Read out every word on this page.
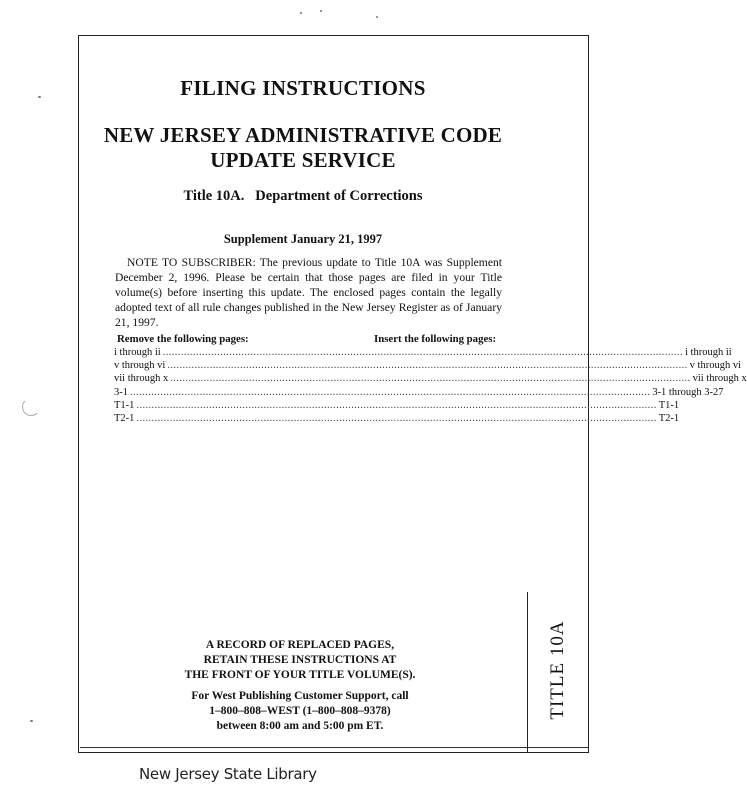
FILING INSTRUCTIONS
NEW JERSEY ADMINISTRATIVE CODE
UPDATE SERVICE
Title 10A.   Department of Corrections
Supplement January 21, 1997
NOTE TO SUBSCRIBER: The previous update to Title 10A was Supplement December 2, 1996. Please be certain that those pages are filed in your Title volume(s) before inserting this update. The enclosed pages contain the legally adopted text of all rule changes published in the New Jersey Register as of January 21, 1997.
Remove the following pages:	Insert the following pages:
i through ii ............................................................................................................................................................................ i through ii
v through vi ............................................................................................................................................................................ v through vi
vii through x ............................................................................................................................................................................ vii through x
3-1 ............................................................................................................................................................................ 3-1 through 3-27
T1-1 ............................................................................................................................................................................ T1-1
T2-1 ............................................................................................................................................................................ T2-1
A RECORD OF REPLACED PAGES,
RETAIN THESE INSTRUCTIONS AT
THE FRONT OF YOUR TITLE VOLUME(S).
For West Publishing Customer Support, call
1–800–808–WEST (1–800–808–9378)
between 8:00 am and 5:00 pm ET.
TITLE 10A
New Jersey State Library
